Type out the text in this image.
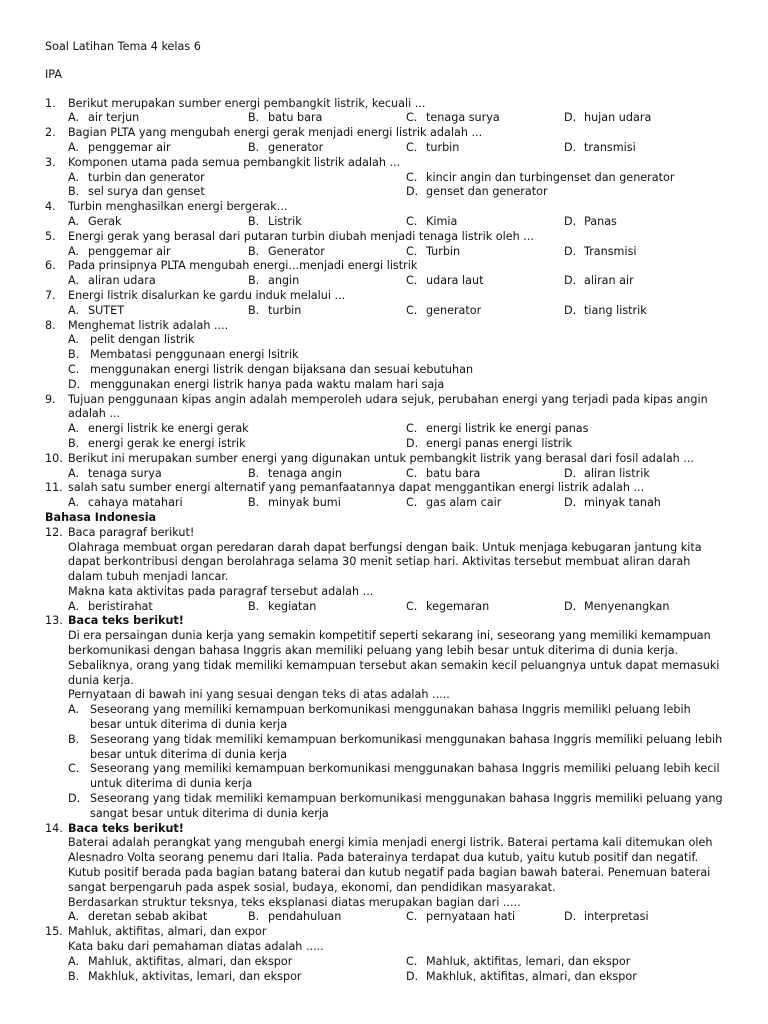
Soal Latihan Tema 4 kelas 6
IPA
1.	Berikut merupakan sumber energi pembangkit listrik, kecuali ...
A. air terjun	B. batu bara	C. tenaga surya	D. hujan udara
2.	Bagian PLTA yang mengubah energi gerak menjadi energi listrik adalah ...
A. penggemar air	B. generator	C. turbin	D. transmisi
3.	Komponen utama pada semua pembangkit listrik adalah ...
A. turbin dan generator	C. kincir angin dan turbingenset dan generator
B. sel surya dan genset	D. genset dan generator
4.	Turbin menghasilkan energi bergerak...
A. Gerak	B. Listrik	C. Kimia	D. Panas
5.	Energi gerak yang berasal dari putaran turbin diubah menjadi tenaga listrik oleh ...
A. penggemar air	B. Generator	C. Turbin	D. Transmisi
6.	Pada prinsipnya PLTA mengubah energi...menjadi energi listrik
A. aliran udara	B. angin	C. udara laut	D. aliran air
7.	Energi listrik disalurkan ke gardu induk melalui ...
A. SUTET	B. turbin	C. generator	D. tiang listrik
8.	Menghemat listrik adalah ....
A. pelit dengan listrik
B. Membatasi penggunaan energi lsitrik
C. menggunakan energi listrik dengan bijaksana dan sesuai kebutuhan
D. menggunakan energi listrik hanya pada waktu malam hari saja
9.	Tujuan penggunaan kipas angin adalah memperoleh udara sejuk, perubahan energi yang terjadi pada kipas angin adalah ...
A. energi listrik ke energi gerak	C. energi listrik ke energi panas
B. energi gerak ke energi istrik	D. energi panas energi listrik
10. Berikut ini merupakan sumber energi yang digunakan untuk pembangkit listrik yang berasal dari fosil adalah ...
A. tenaga surya	B. tenaga angin	C. batu bara	D. aliran listrik
11. salah satu sumber energi alternatif yang pemanfaatannya dapat menggantikan energi listrik adalah ...
A. cahaya matahari	B. minyak bumi	C. gas alam cair	D. minyak tanah
Bahasa Indonesia
12. Baca paragraf berikut!
Olahraga membuat organ peredaran darah dapat berfungsi dengan baik. Untuk menjaga kebugaran jantung kita dapat berkontribusi dengan berolahraga selama 30 menit setiap hari. Aktivitas tersebut membuat aliran darah dalam tubuh menjadi lancar.
Makna kata aktivitas pada paragraf tersebut adalah ...
A. beristirahat	B. kegiatan	C. kegemaran	D. Menyenangkan
13. Baca teks berikut!
Di era persaingan dunia kerja yang semakin kompetitif seperti sekarang ini, seseorang yang memiliki kemampuan berkomunikasi dengan bahasa Inggris akan memiliki peluang yang lebih besar untuk diterima di dunia kerja. Sebaliknya, orang yang tidak memiliki kemampuan tersebut akan semakin kecil peluangnya untuk dapat memasuki dunia kerja.
Pernyataan di bawah ini yang sesuai dengan teks di atas adalah .....
A. Seseorang yang memiliki kemampuan berkomunikasi menggunakan bahasa Inggris memiliki peluang lebih besar untuk diterima di dunia kerja
B. Seseorang yang tidak memiliki kemampuan berkomunikasi menggunakan bahasa Inggris memiliki peluang lebih besar untuk diterima di dunia kerja
C. Seseorang yang memiliki kemampuan berkomunikasi menggunakan bahasa Inggris memiliki peluang lebih kecil untuk diterima di dunia kerja
D. Seseorang yang tidak memiliki kemampuan berkomunikasi menggunakan bahasa Inggris memiliki peluang yang sangat besar untuk diterima di dunia kerja
14. Baca teks berikut!
Baterai adalah perangkat yang mengubah energi kimia menjadi energi listrik. Baterai pertama kali ditemukan oleh Alesnadro Volta seorang penemu dari Italia. Pada baterainya terdapat dua kutub, yaitu kutub positif dan negatif. Kutub positif berada pada bagian batang baterai dan kutub negatif pada bagian bawah baterai. Penemuan baterai sangat berpengaruh pada aspek sosial, budaya, ekonomi, dan pendidikan masyarakat.
Berdasarkan struktur teksnya, teks eksplanasi diatas merupakan bagian dari .....
A. deretan sebab akibat	B. pendahuluan	C. pernyataan hati	D. interpretasi
15. Mahluk, aktifitas, almari, dan expor
Kata baku dari pemahaman diatas adalah .....
A. Mahluk, aktifitas, almari, dan ekspor	C. Mahluk, aktifitas, lemari, dan ekspor
B. Makhluk, aktivitas, lemari, dan ekspor	D. Makhluk, aktifitas, almari, dan ekspor
